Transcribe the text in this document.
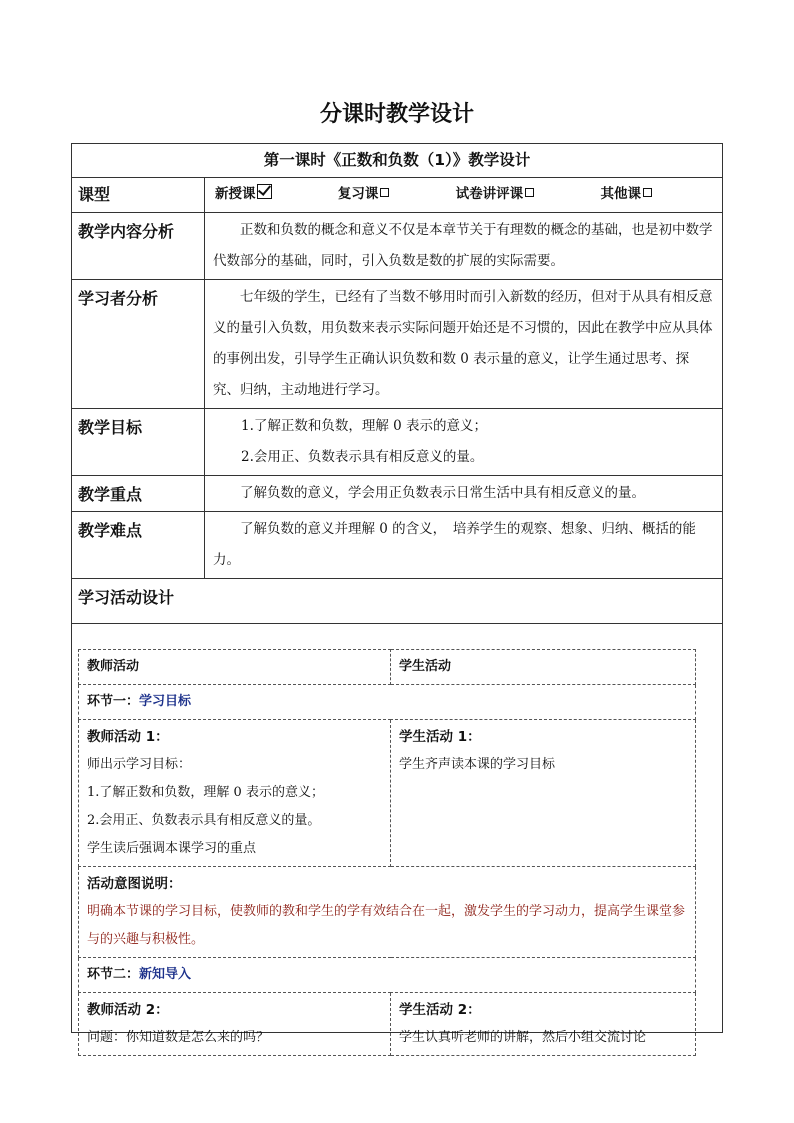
分课时教学设计
第一课时《正数和负数（1）》教学设计
课型	新授课	复习课	试卷讲评课	其他课

教学内容分析	正数和负数的概念和意义不仅是本章节关于有理数的概念的基础，也是初中数学代数部分的基础，同时，引入负数是数的扩展的实际需要。
学习者分析	七年级的学生，已经有了当数不够用时而引入新数的经历，但对于从具有相反意义的量引入负数，用负数来表示实际问题开始还是不习惯的，因此在教学中应从具体的事例出发，引导学生正确认识负数和数 0 表示量的意义，让学生通过思考、探究、归纳，主动地进行学习。
教学目标	1.了解正数和负数，理解 0 表示的意义；
2.会用正、负数表示具有相反意义的量。

教学重点	了解负数的意义，学会用正负数表示日常生活中具有相反意义的量。
教学难点	了解负数的意义并理解 0 的含义，　培养学生的观察、想象、归纳、概括的能力。
学习活动设计

教师活动	学生活动
环节一：学习目标

教师活动 1：
师出示学习目标：
1.了解正数和负数，理解 0 表示的意义；
2.会用正、负数表示具有相反意义的量。
学生读后强调本课学习的重点

学生活动 1：
学生齐声读本课的学习目标

活动意图说明：
明确本节课的学习目标，使教师的教和学生的学有效结合在一起，激发学生的学习动力，提高学生课堂参与的兴趣与积极性。

环节二：新知导入

教师活动 2：
问题：你知道数是怎么来的吗？

学生活动 2：
学生认真听老师的讲解，然后小组交流讨论
